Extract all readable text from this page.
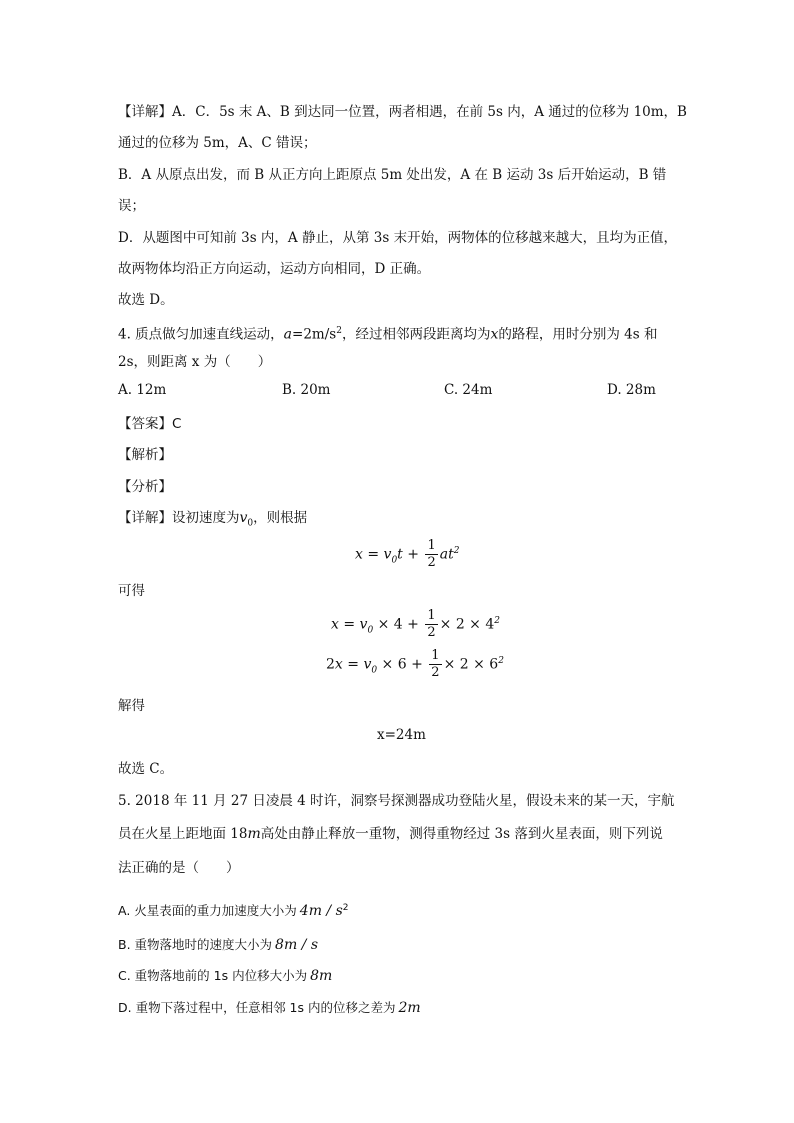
【详解】A．C．5s 末 A、B 到达同一位置，两者相遇，在前 5s 内，A 通过的位移为 10m，B
通过的位移为 5m，A、C 错误；
B．A 从原点出发，而 B 从正方向上距原点 5m 处出发，A 在 B 运动 3s 后开始运动，B 错
误；
D．从题图中可知前 3s 内，A 静止，从第 3s 末开始，两物体的位移越来越大，且均为正值，
故两物体均沿正方向运动，运动方向相同，D 正确。
故选 D。
4. 质点做匀加速直线运动，$a=2m/s^2$，经过相邻两段距离均为x的路程，用时分别为 4s 和
2s，则距离 x 为（　　）
A. 12m	B. 20m	C. 24m	D. 28m
【答案】C
【解析】
【分析】
【详解】设初速度为$v_0$，则根据
$x = v_0t + \frac{1}{2} at^2$
可得
$x = v_0 \times 4 + \frac{1}{2} \times 2 \times 4^2$
$2x = v_0 \times 6 + \frac{1}{2} \times 2 \times 6^2$
解得
x=24m
故选 C。
5. 2018 年 11 月 27 日凌晨 4 时许，洞察号探测器成功登陆火星，假设未来的某一天，宇航
员在火星上距地面 18m高处由静止释放一重物，测得重物经过 3s 落到火星表面，则下列说
法正确的是（　　）
A. 火星表面的重力加速度大小为 $4m / s^2$
B. 重物落地时的速度大小为 8m / s
C. 重物落地前的 1s 内位移大小为 8m
D. 重物下落过程中，任意相邻 1s 内的位移之差为 2m
